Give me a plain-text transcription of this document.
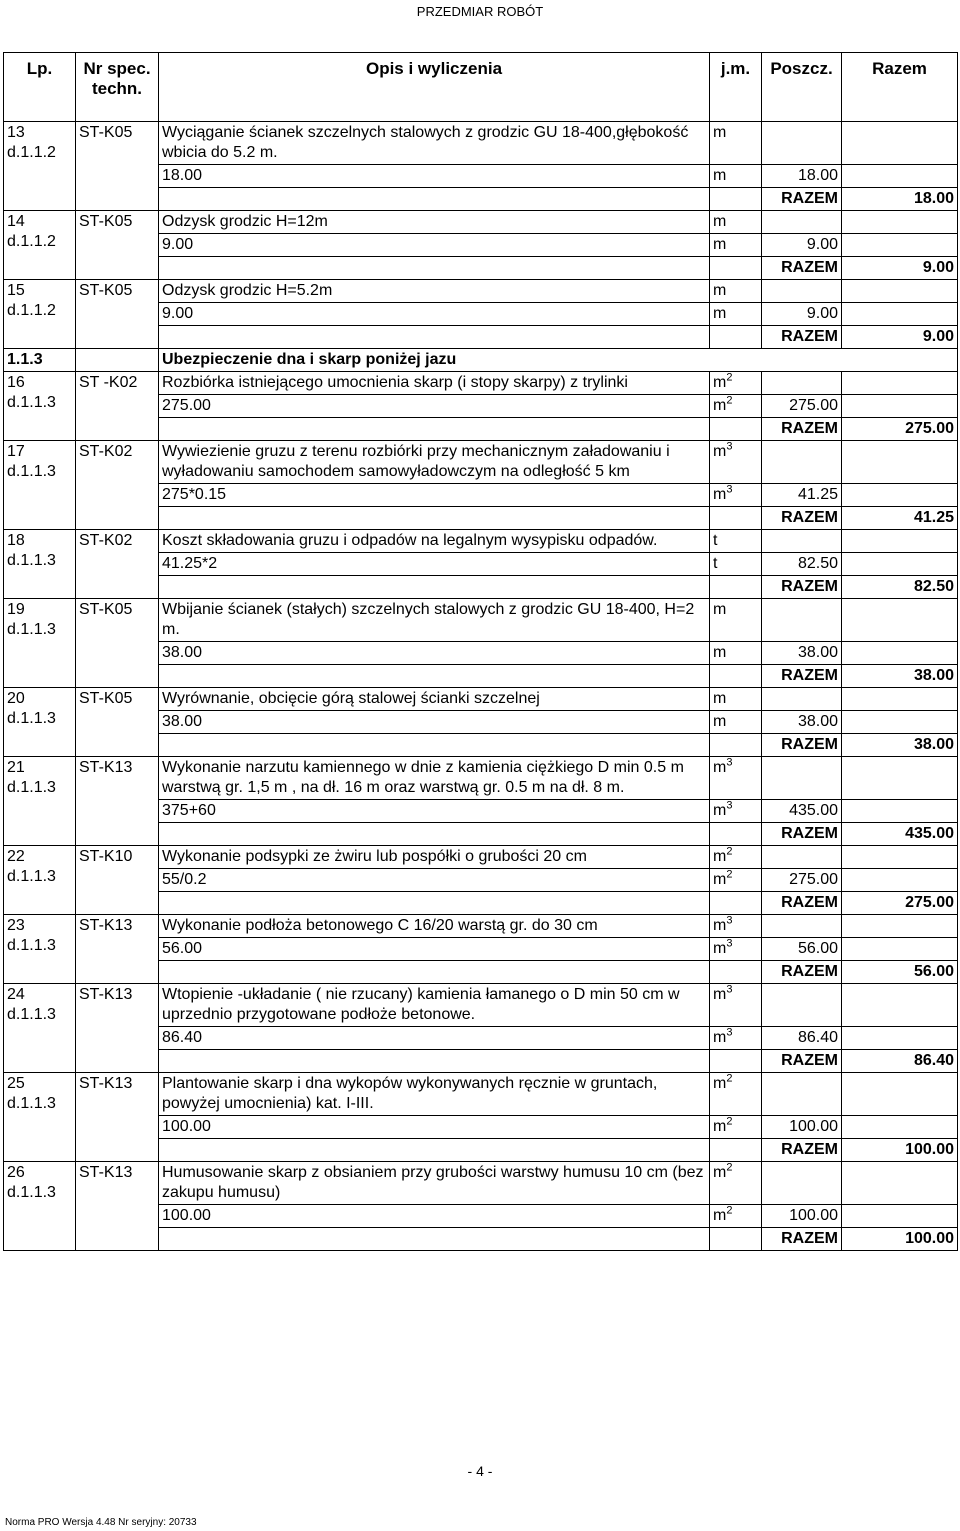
PRZEDMIAR ROBÓT
Lp.	Nr spec. techn.	Opis i wyliczenia	j.m.	Poszcz.	Razem

13
d.1.1.2	ST-K05	Wyciąganie ścianek szczelnych stalowych z grodzic GU 18-400,głębokość wbicia do 5.2 m.	m		
		18.00	m	18.00	
				RAZEM	18.00

14
d.1.1.2	ST-K05	Odzysk grodzic H=12m	m		
		9.00	m	9.00	
				RAZEM	9.00

15
d.1.1.2	ST-K05	Odzysk grodzic H=5.2m	m		
		9.00	m	9.00	
				RAZEM	9.00
1.1.3		Ubezpieczenie dna i skarp poniżej jazu			

16
d.1.1.3	ST -K02	Rozbiórka istniejącego umocnienia skarp (i stopy skarpy) z trylinki	$m^2$		
		275.00	$m^2$	275.00	
				RAZEM	275.00

17
d.1.1.3	ST-K02	Wywiezienie gruzu z terenu rozbiórki przy mechanicznym załadowaniu i wyładowaniu samochodem samowyładowczym na odległość 5 km	$m^3$		
		275*0.15	$m^3$	41.25	
				RAZEM	41.25

18
d.1.1.3	ST-K02	Koszt składowania gruzu i odpadów na legalnym wysypisku odpadów.	t		
		41.25*2	t	82.50	
				RAZEM	82.50

19
d.1.1.3	ST-K05	Wbijanie ścianek (stałych) szczelnych stalowych z grodzic GU 18-400, H=2 m.	m		
		38.00	m	38.00	
				RAZEM	38.00

20
d.1.1.3	ST-K05	Wyrównanie, obcięcie górą stalowej ścianki szczelnej	m		
		38.00	m	38.00	
				RAZEM	38.00

21
d.1.1.3	ST-K13	Wykonanie narzutu kamiennego w dnie z kamienia ciężkiego D min 0.5 m warstwą gr. 1,5 m , na dł. 16 m oraz warstwą gr. 0.5 m na dł. 8 m.	$m^3$		
		375+60	$m^3$	435.00	
				RAZEM	435.00

22
d.1.1.3	ST-K10	Wykonanie podsypki ze żwiru lub pospółki o grubości 20 cm	$m^2$		
		55/0.2	$m^2$	275.00	
				RAZEM	275.00

23
d.1.1.3	ST-K13	Wykonanie podłoża betonowego C 16/20 warstą gr. do 30 cm	$m^3$		
		56.00	$m^3$	56.00	
				RAZEM	56.00

24
d.1.1.3	ST-K13	Wtopienie -układanie ( nie rzucany) kamienia łamanego o D min 50 cm w uprzednio przygotowane podłoże betonowe.	$m^3$		
		86.40	$m^3$	86.40	
				RAZEM	86.40

25
d.1.1.3	ST-K13	Plantowanie skarp i dna wykopów wykonywanych ręcznie w gruntach, powyżej umocnienia) kat. I-III.	$m^2$		
		100.00	$m^2$	100.00	
				RAZEM	100.00

26
d.1.1.3	ST-K13	Humusowanie skarp z obsianiem przy grubości warstwy humusu 10 cm (bez zakupu humusu)	$m^2$		
		100.00	$m^2$	100.00	
				RAZEM	100.00
- 4 -
Norma PRO Wersja 4.48 Nr seryjny: 20733
